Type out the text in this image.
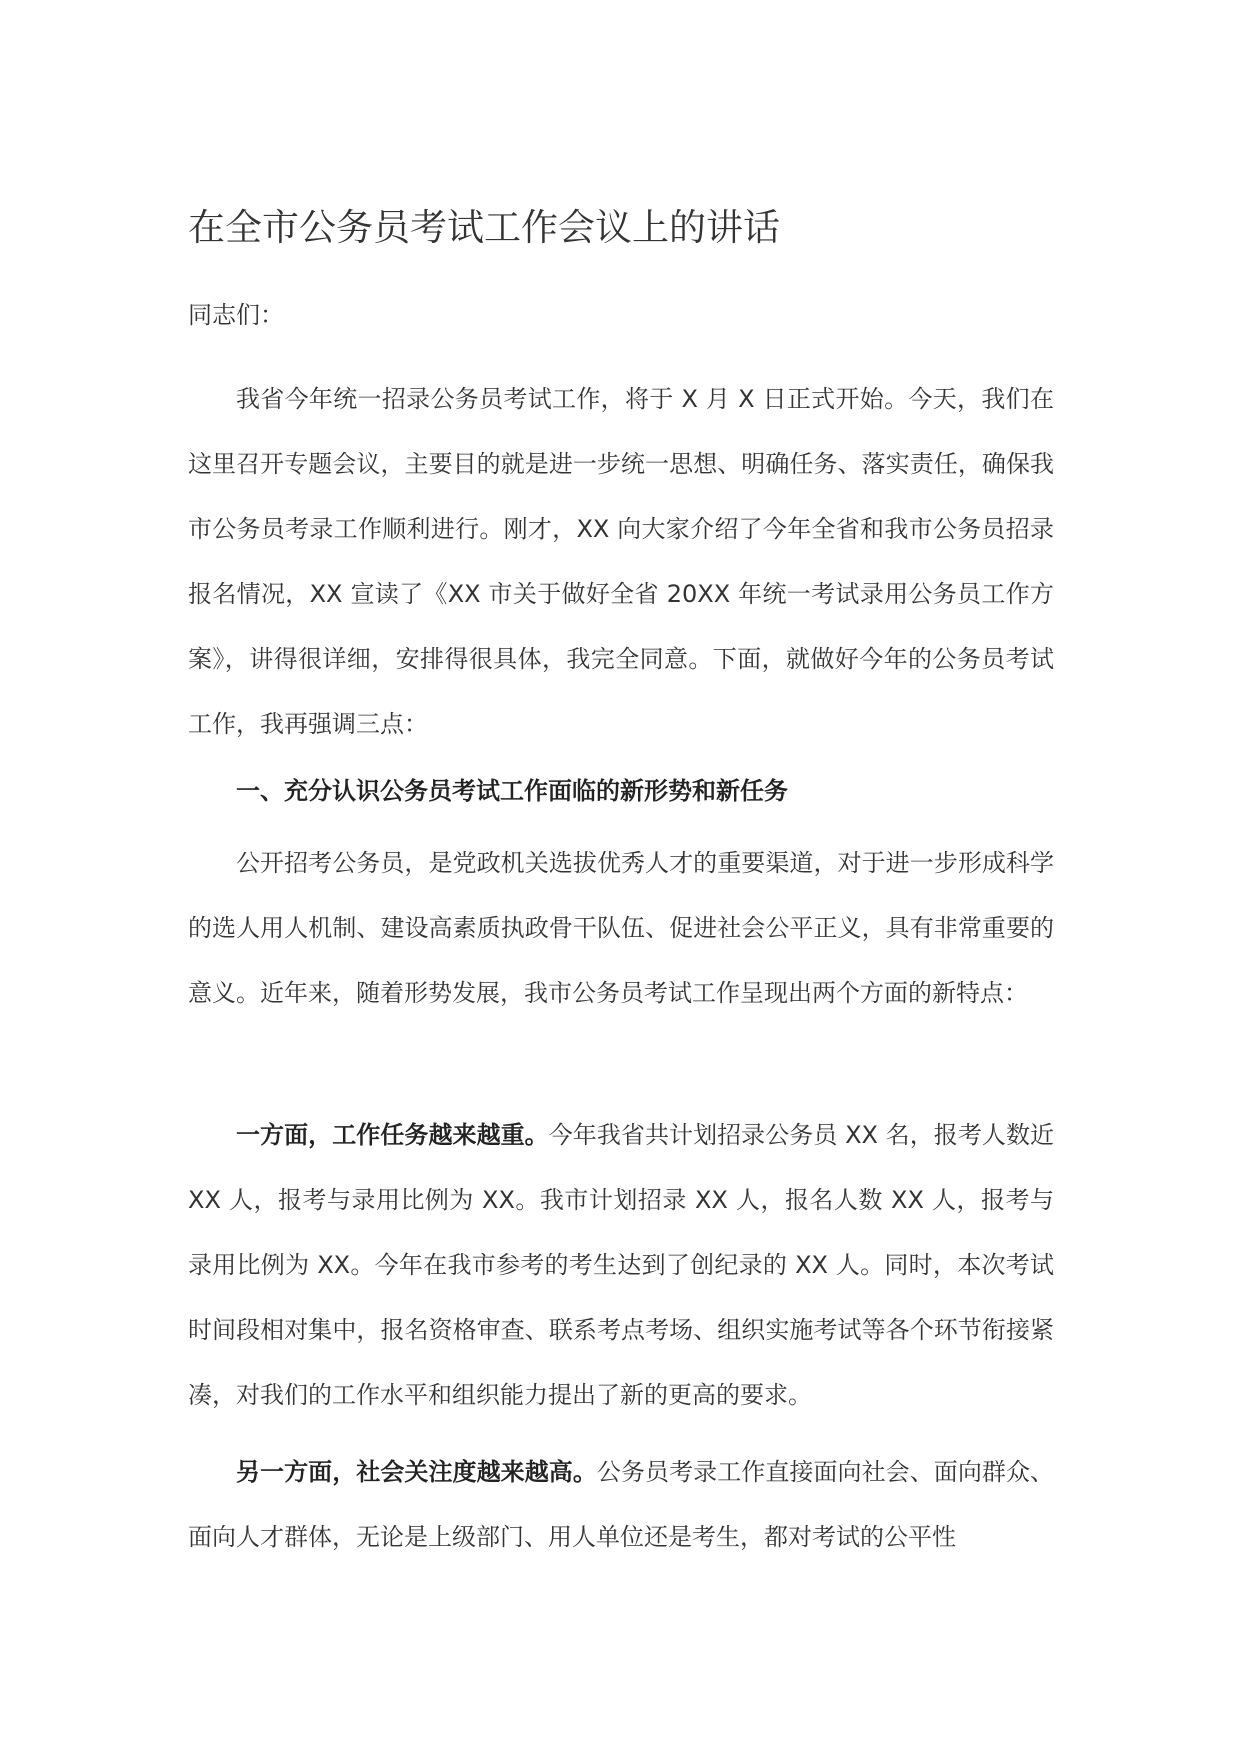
在全市公务员考试工作会议上的讲话

同志们：

我省今年统一招录公务员考试工作，将于 X 月 X 日正式开始。今天，我们在这里召开专题会议，主要目的就是进一步统一思想、明确任务、落实责任，确保我市公务员考录工作顺利进行。刚才，XX 向大家介绍了今年全省和我市公务员招录报名情况，XX 宣读了《XX 市关于做好全省 20XX 年统一考试录用公务员工作方案》，讲得很详细，安排得很具体，我完全同意。下面，就做好今年的公务员考试工作，我再强调三点：

一、充分认识公务员考试工作面临的新形势和新任务

公开招考公务员，是党政机关选拔优秀人才的重要渠道，对于进一步形成科学的选人用人机制、建设高素质执政骨干队伍、促进社会公平正义，具有非常重要的意义。近年来，随着形势发展，我市公务员考试工作呈现出两个方面的新特点：

一方面，工作任务越来越重。今年我省共计划招录公务员 XX 名，报考人数近 XX 人，报考与录用比例为 XX。我市计划招录 XX 人，报名人数 XX 人，报考与录用比例为 XX。今年在我市参考的考生达到了创纪录的 XX 人。同时，本次考试时间段相对集中，报名资格审查、联系考点考场、组织实施考试等各个环节衔接紧凑，对我们的工作水平和组织能力提出了新的更高的要求。

另一方面，社会关注度越来越高。公务员考录工作直接面向社会、面向群众、面向人才群体，无论是上级部门、用人单位还是考生，都对考试的公平性
